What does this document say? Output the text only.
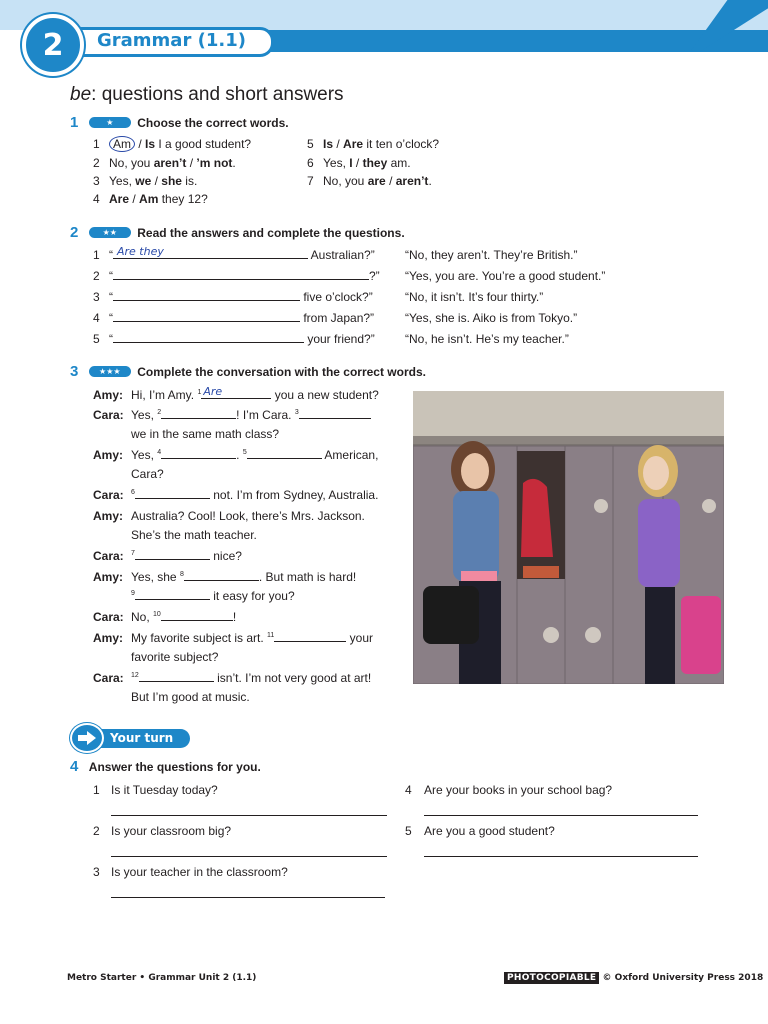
Grammar (1.1)
2
be: questions and short answers
1	★ Choose the correct words.
1 Am / Is I a good student?
2 No, you aren’t / ’m not.
3 Yes, we / she is.
4 Are / Am they 12?
5 Is / Are it ten o’clock?
6 Yes, I / they am.
7 No, you are / aren’t.
2	★★ Read the answers and complete the questions.
1 “ Are they	Australian?”	“No, they aren’t. They’re British.”
2 “	?” “Yes, you are. You’re a good student.”
3 “	five o’clock?”	“No, it isn’t. It’s four thirty.”
4 “	from Japan?”	“Yes, she is. Aiko is from Tokyo.”
5 “	your friend?”	“No, he isn’t. He’s my teacher.”
3	★★★ Complete the conversation with the correct words.
Amy: Hi, I’m Amy. $^1$ Are	you a new student?
Cara: Yes, $^2$	! I’m Cara. $^3$
we in the same math class?
Amy: Yes, $^4$	. $^5$	American,
Cara?
Cara: $^6$	not. I’m from Sydney, Australia.
Amy: Australia? Cool! Look, there’s Mrs. Jackson.
She’s the math teacher.
Cara: $^7$	nice?
Amy: Yes, she $^8$	. But math is hard!
$^9$	it easy for you?
Cara: No, $^{10}$	!
Amy: My favorite subject is art. $^{11}$	your
favorite subject?
Cara: $^{12}$	isn’t. I’m not very good at art!
But I’m good at music.
Your turn
4 Answer the questions for you.
1 Is it Tuesday today?
2 Is your classroom big?
3 Is your teacher in the classroom?
4 Are your books in your school bag?
5 Are you a good student?
Metro Starter • Grammar Unit 2 (1.1)	PHOTOCOPIABLE © Oxford University Press 2018
